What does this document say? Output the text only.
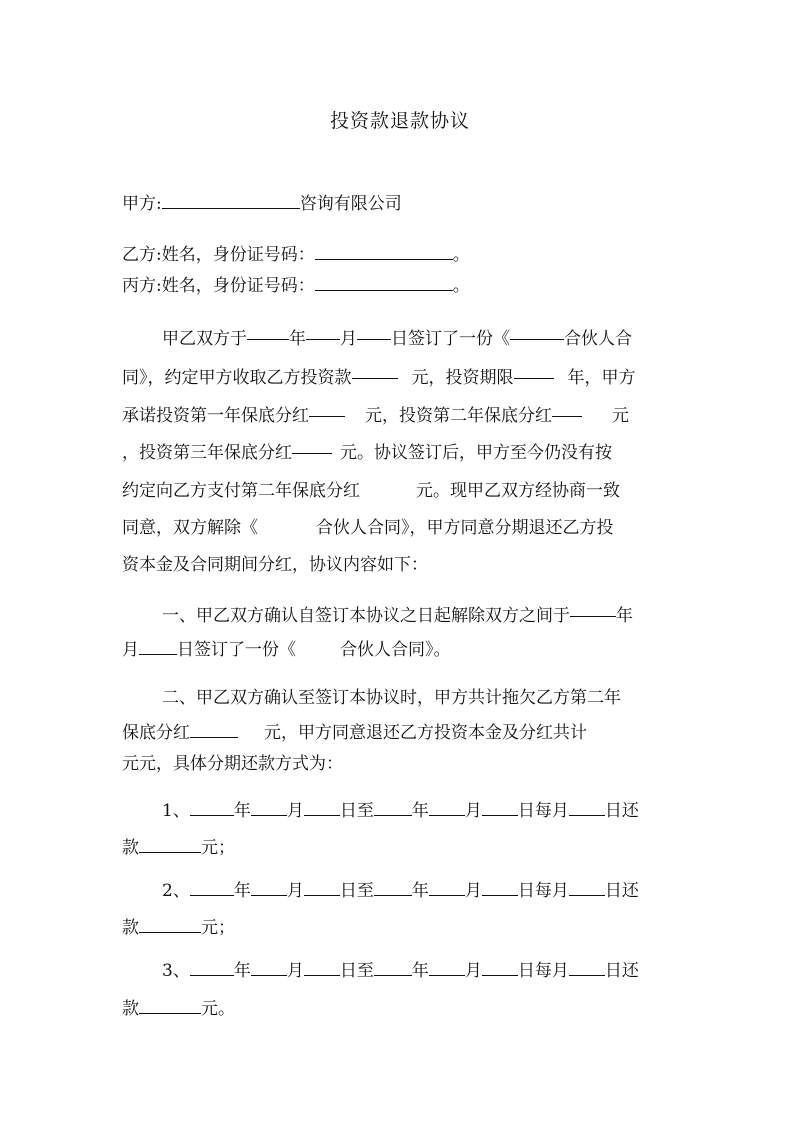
投资款退款协议
甲方:	咨询有限公司
乙方:姓名，身份证号码：	。
丙方:姓名，身份证号码：	。
甲乙双方于 年 月 日签订了一份《	合伙人合
同》，约定甲方收取乙方投资款	元，投资期限	年，甲方
承诺投资第一年保底分红	元，投资第二年保底分红	元
，投资第三年保底分红	元。协议签订后，甲方至今仍没有按
约定向乙方支付第二年保底分红	元。现甲乙双方经协商一致
同意，双方解除《	合伙人合同》，甲方同意分期退还乙方投
资本金及合同期间分红，协议内容如下：
一、甲乙双方确认自签订本协议之日起解除双方之间于	年
月 日签订了一份《	合伙人合同》。
二、甲乙双方确认至签订本协议时，甲方共计拖欠乙方第二年
保底分红	元，甲方同意退还乙方投资本金及分红共计
元元，具体分期还款方式为：
1、	年 月 日至 年 月 日每月 日还
款	元；
2、	年 月 日至 年 月 日每月 日还
款	元；
3、	年 月 日至 年 月 日每月 日还
款	元。
